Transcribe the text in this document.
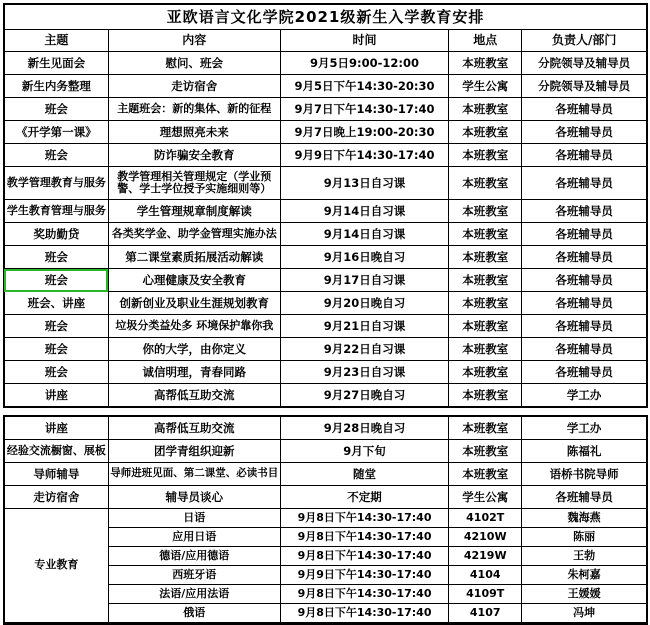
亚欧语言文化学院2021级新生入学教育安排				
主题	内容	时间	地点	负责人/部门
新生见面会	慰问、班会	9月5日9:00-12:00	本班教室	分院领导及辅导员
新生内务整理	走访宿舍	9月5日下午14:30-20:30	学生公寓	分院领导及辅导员
班会	主题班会：新的集体、新的征程	9月7日下午14:30-17:40	本班教室	各班辅导员
《开学第一课》	理想照亮未来	9月7日晚上19:00-20:30	本班教室	各班辅导员
班会	防诈骗安全教育	9月9日下午14:30-17:40	本班教室	各班辅导员
教学管理教育与服务	教学管理相关管理规定（学业预警、学士学位授予实施细则等）	9月13日自习课	本班教室	各班辅导员
学生教育管理与服务	学生管理规章制度解读	9月14日自习课	本班教室	各班辅导员
奖助勤贷	各类奖学金、助学金管理实施办法	9月14日自习课	本班教室	各班辅导员
班会	第二课堂素质拓展活动解读	9月16日晚自习	本班教室	各班辅导员
班会	心理健康及安全教育	9月17日自习课	本班教室	各班辅导员
班会、讲座	创新创业及职业生涯规划教育	9月20日晚自习	本班教室	各班辅导员
班会	垃圾分类益处多 环境保护靠你我	9月21日自习课	本班教室	各班辅导员
班会	你的大学，由你定义	9月22日自习课	本班教室	各班辅导员
班会	诚信明理，青春同路	9月23日自习课	本班教室	各班辅导员
讲座	高帮低互助交流	9月27日晚自习	本班教室	学工办
讲座	高帮低互助交流	9月28日晚自习	本班教室	学工办
经验交流橱窗、展板	团学青组织迎新	9月下旬	本班教室	陈福礼
导师辅导	导师进班见面、第二课堂、必读书目	随堂	本班教室	语桥书院导师
走访宿舍	辅导员谈心	不定期	学生公寓	各班辅导员
专业教育	日语	9月8日下午14:30-17:40	4102T	魏海燕
	应用日语	9月8日下午14:30-17:40	4210W	陈丽
	德语/应用德语	9月8日下午14:30-17:40	4219W	王勃
	西班牙语	9月9日下午14:30-17:40	4104	朱柯嘉
	法语/应用法语	9月8日下午14:30-17:40	4109T	王媛媛
	俄语	9月8日下午14:30-17:40	4107	冯坤
